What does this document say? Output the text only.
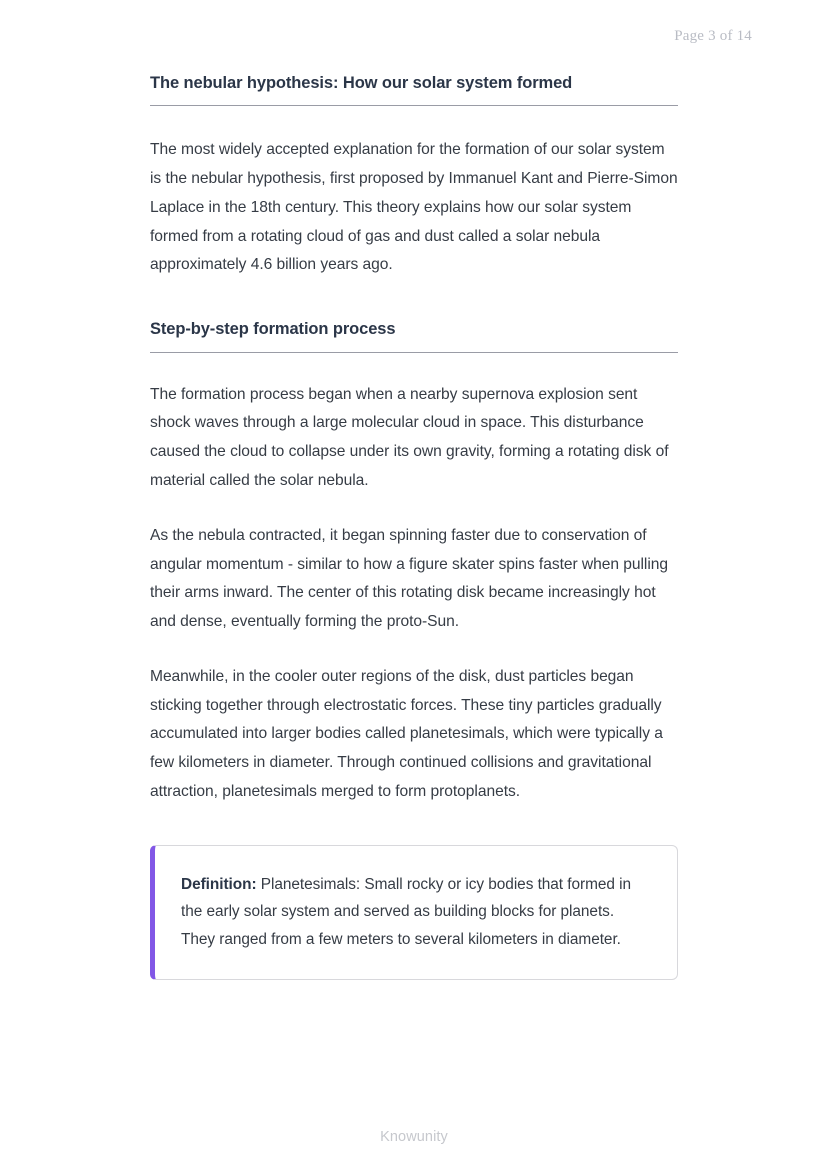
Page 3 of 14
The nebular hypothesis: How our solar system formed

The most widely accepted explanation for the formation of our solar system is the nebular hypothesis, first proposed by Immanuel Kant and Pierre-Simon Laplace in the 18th century. This theory explains how our solar system formed from a rotating cloud of gas and dust called a solar nebula approximately 4.6 billion years ago.

Step-by-step formation process

The formation process began when a nearby supernova explosion sent shock waves through a large molecular cloud in space. This disturbance caused the cloud to collapse under its own gravity, forming a rotating disk of material called the solar nebula.

As the nebula contracted, it began spinning faster due to conservation of angular momentum - similar to how a figure skater spins faster when pulling their arms inward. The center of this rotating disk became increasingly hot and dense, eventually forming the proto-Sun.

Meanwhile, in the cooler outer regions of the disk, dust particles began sticking together through electrostatic forces. These tiny particles gradually accumulated into larger bodies called planetesimals, which were typically a few kilometers in diameter. Through continued collisions and gravitational attraction, planetesimals merged to form protoplanets.

Definition: Planetesimals: Small rocky or icy bodies that formed in the early solar system and served as building blocks for planets. They ranged from a few meters to several kilometers in diameter.

Knowunity
